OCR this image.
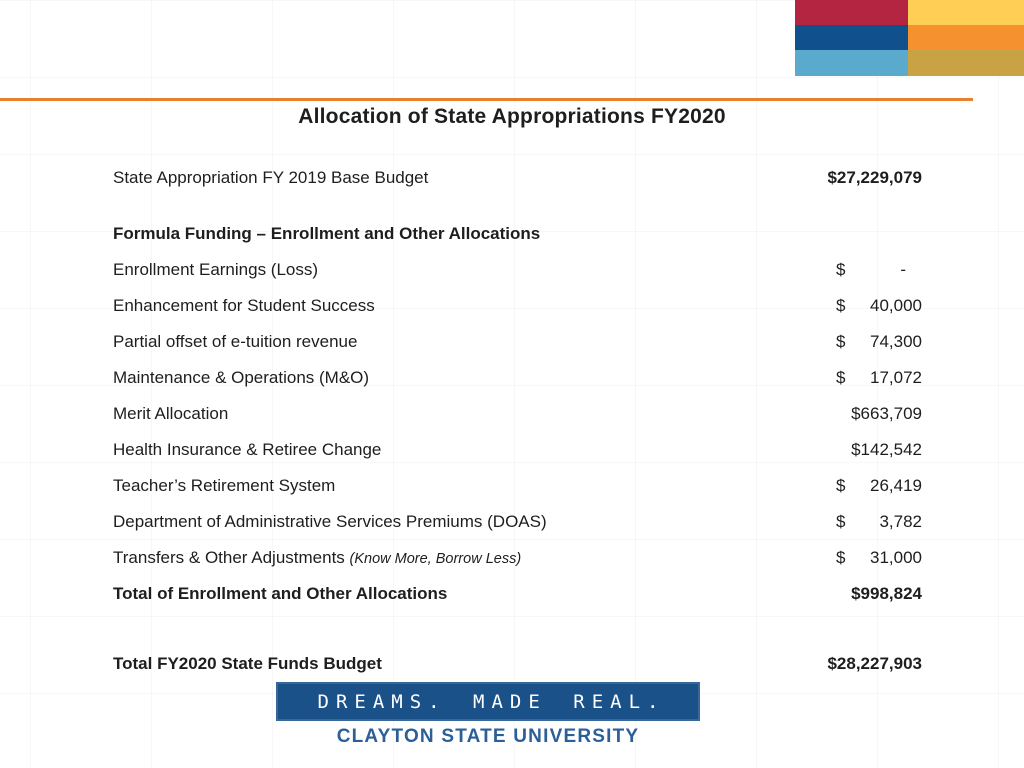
Allocation of State Appropriations FY2020
State Appropriation FY 2019 Base Budget	$ 27,229,079
Formula Funding – Enrollment and Other Allocations
Enrollment Earnings (Loss)	$	-
Enhancement for Student Success	$ 40,000
Partial offset of e-tuition revenue	$ 74,300
Maintenance & Operations (M&O)	$ 17,072
Merit Allocation	$ 663,709
Health Insurance & Retiree Change	$ 142,542
Teacher’s Retirement System	$ 26,419
Department of Administrative Services Premiums (DOAS)	$ 3,782
Transfers & Other Adjustments (Know More, Borrow Less)	$ 31,000
Total of Enrollment and Other Allocations	$ 998,824
Total FY2020 State Funds Budget	$ 28,227,903
DREAMS. MADE REAL.
CLAYTON STATE UNIVERSITY
